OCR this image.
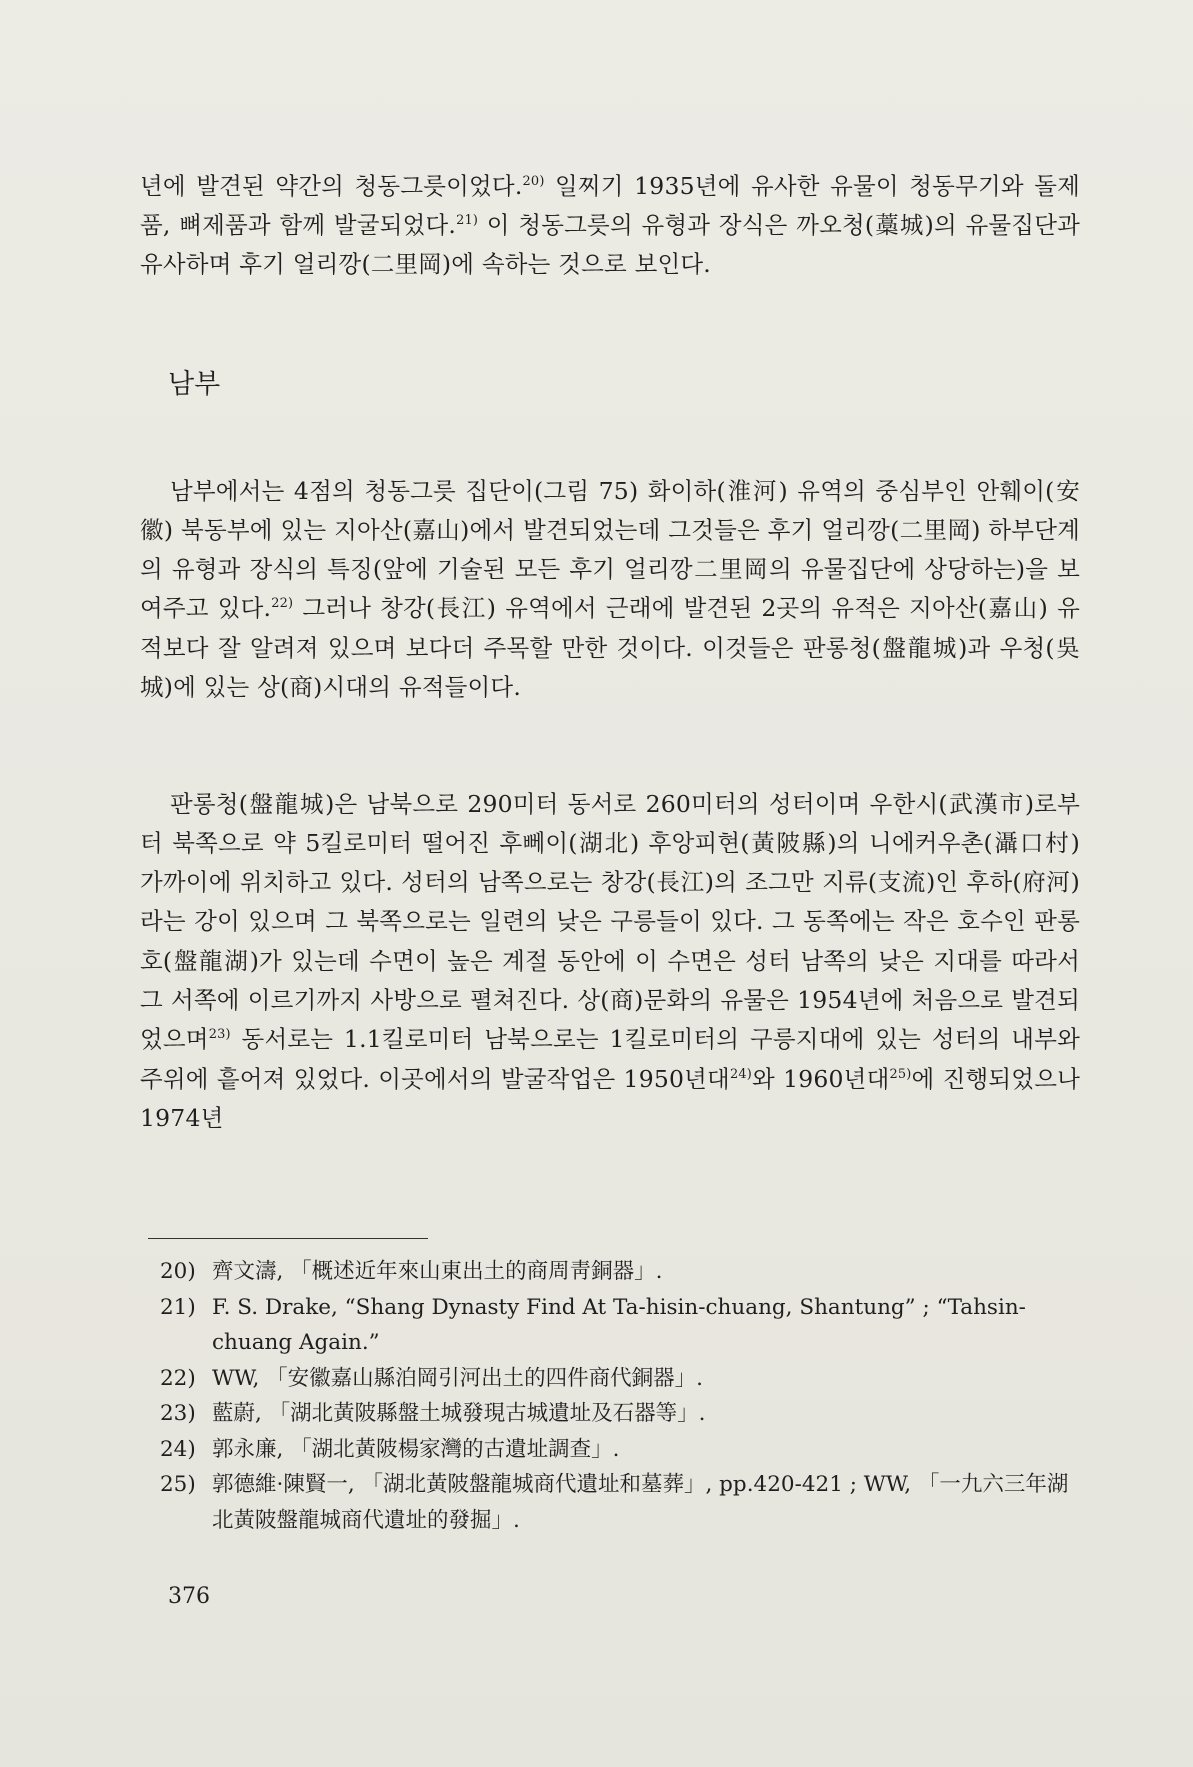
년에 발견된 약간의 청동그릇이었다.$^{20)}$ 일찌기 1935년에 유사한 유물이 청동무기와 돌제품, 뼈제품과 함께 발굴되었다.$^{21)}$ 이 청동그릇의 유형과 장식은 까오청(藁城)의 유물집단과 유사하며 후기 얼리깡(二里岡)에 속하는 것으로 보인다.

남부

남부에서는 4점의 청동그릇 집단이(그림 75) 화이하(淮河) 유역의 중심부인 안훼이(安徽) 북동부에 있는 지아산(嘉山)에서 발견되었는데 그것들은 후기 얼리깡(二里岡) 하부단계의 유형과 장식의 특징(앞에 기술된 모든 후기 얼리깡二里岡의 유물집단에 상당하는)을 보여주고 있다.$^{22)}$ 그러나 창강(長江) 유역에서 근래에 발견된 2곳의 유적은 지아산(嘉山) 유적보다 잘 알려져 있으며 보다더 주목할 만한 것이다. 이것들은 판롱청(盤龍城)과 우청(吳城)에 있는 상(商)시대의 유적들이다.

판롱청(盤龍城)은 남북으로 290미터 동서로 260미터의 성터이며 우한시(武漢市)로부터 북쪽으로 약 5킬로미터 떨어진 후뻬이(湖北) 후앙피현(黃陂縣)의 니에커우촌(灄口村) 가까이에 위치하고 있다. 성터의 남쪽으로는 창강(長江)의 조그만 지류(支流)인 후하(府河)라는 강이 있으며 그 북쪽으로는 일련의 낮은 구릉들이 있다. 그 동쪽에는 작은 호수인 판롱호(盤龍湖)가 있는데 수면이 높은 계절 동안에 이 수면은 성터 남쪽의 낮은 지대를 따라서 그 서쪽에 이르기까지 사방으로 펼쳐진다. 상(商)문화의 유물은 1954년에 처음으로 발견되었으며$^{23)}$ 동서로는 1.1킬로미터 남북으로는 1킬로미터의 구릉지대에 있는 성터의 내부와 주위에 흩어져 있었다. 이곳에서의 발굴작업은 1950년대$^{24)}$와 1960년대$^{25)}$에 진행되었으나 1974년

20) 齊文濤, 「概述近年來山東出土的商周靑銅器」.

21) F. S. Drake, “Shang Dynasty Find At Ta-hisin-chuang, Shantung” ; “Tahsin-chuang Again.”

22) WW, 「安徽嘉山縣泊岡引河出土的四件商代銅器」.

23) 藍蔚, 「湖北黃陂縣盤土城發現古城遺址及石器等」.

24) 郭永廉, 「湖北黃陂楊家灣的古遺址調查」.

25) 郭德維·陳賢一, 「湖北黃陂盤龍城商代遺址和墓葬」, pp.420-421 ; WW, 「一九六三年湖北黃陂盤龍城商代遺址的發掘」.

376
